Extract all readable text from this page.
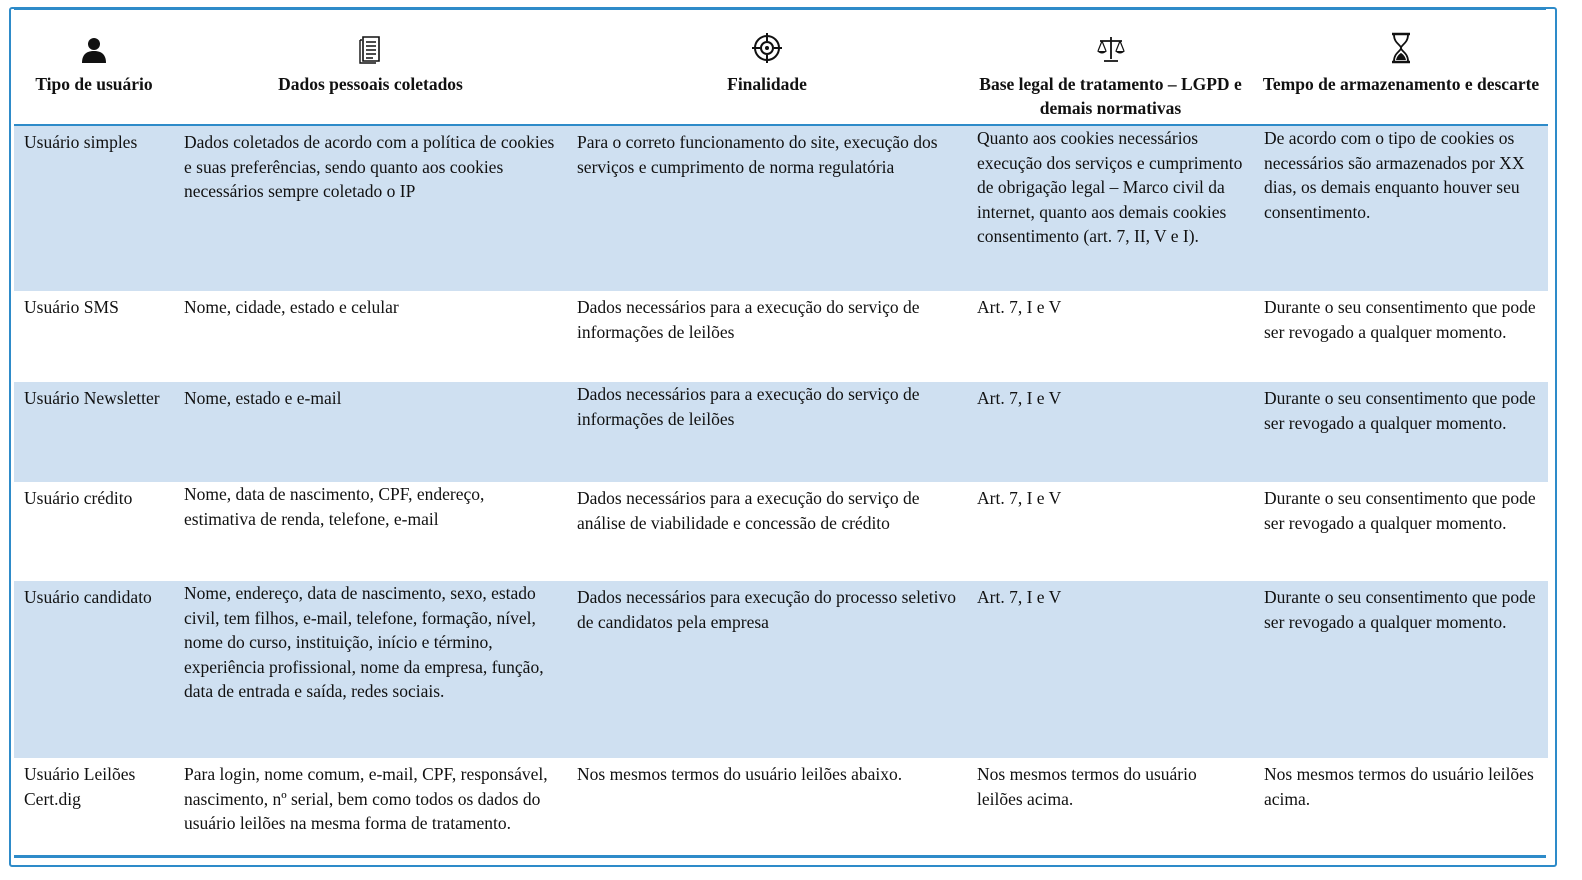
Tipo de usuário	Dados pessoais coletados	Finalidade	Base legal de tratamento – LGPD e demais normativas	Tempo de armazenamento e descarte
Usuário simples	Dados coletados de acordo com a política de cookies e suas preferências, sendo quanto aos cookies necessários sempre coletado o IP	Para o correto funcionamento do site, execução dos serviços e cumprimento de norma regulatória	Quanto aos cookies necessários execução dos serviços e cumprimento de obrigação legal – Marco civil da internet, quanto aos demais cookies consentimento (art. 7, II, V e I).	De acordo com o tipo de cookies os necessários são armazenados por XX dias, os demais enquanto houver seu consentimento.
Usuário SMS	Nome, cidade, estado e celular	Dados necessários para a execução do serviço de informações de leilões	Art. 7, I e V	Durante o seu consentimento que pode ser revogado a qualquer momento.
Usuário Newsletter	Nome, estado e e-mail	Dados necessários para a execução do serviço de informações de leilões	Art. 7, I e V	Durante o seu consentimento que pode ser revogado a qualquer momento.
Usuário crédito	Nome, data de nascimento, CPF, endereço, estimativa de renda, telefone, e-mail	Dados necessários para a execução do serviço de análise de viabilidade e concessão de crédito	Art. 7, I e V	Durante o seu consentimento que pode ser revogado a qualquer momento.
Usuário candidato	Nome, endereço, data de nascimento, sexo, estado civil, tem filhos, e-mail, telefone, formação, nível, nome do curso, instituição, início e término, experiência profissional, nome da empresa, função, data de entrada e saída, redes sociais.	Dados necessários para execução do processo seletivo de candidatos pela empresa	Art. 7, I e V	Durante o seu consentimento que pode ser revogado a qualquer momento.
Usuário Leilões Cert.dig	Para login, nome comum, e-mail, CPF, responsável, nascimento, nº serial, bem como todos os dados do usuário leilões na mesma forma de tratamento.	Nos mesmos termos do usuário leilões abaixo.	Nos mesmos termos do usuário leilões acima.	Nos mesmos termos do usuário leilões acima.
